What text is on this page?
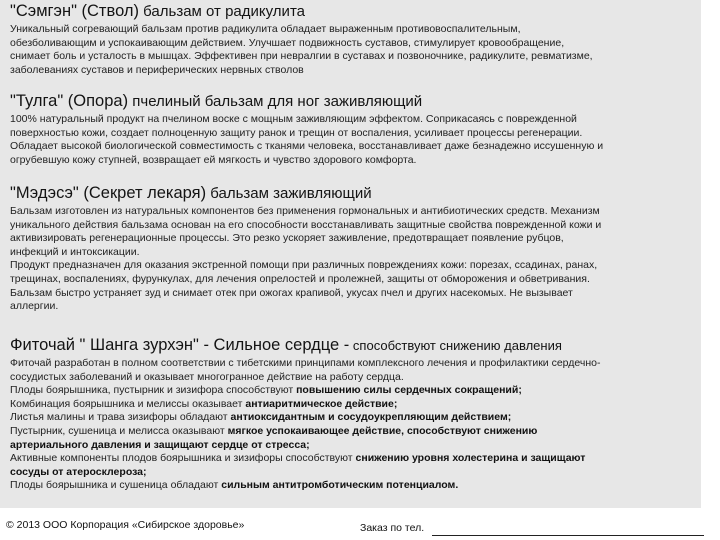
"Сэмгэн" (Ствол) бальзам от радикулита

Уникальный согревающий бальзам против радикулита обладает выраженным противовоспалительным,

обезболивающим и успокаивающим действием. Улучшает подвижность суставов, стимулирует кровообращение,

снимает боль и усталость в мышцах. Эффективен при невралгии в суставах и позвоночнике, радикулите, ревматизме,

заболеваниях суставов и периферических нервных стволов

"Тулга" (Опора) пчелиный бальзам для ног заживляющий

100% натуральный продукт на пчелином воске с мощным заживляющим эффектом. Соприкасаясь с поврежденной

поверхностью кожи, создает полноценную защиту ранок и трещин от воспаления, усиливает процессы регенерации.

Обладает высокой биологической совместимость с тканями человека, восстанавливает даже безнадежно иссушенную и

огрубевшую кожу ступней, возвращает ей мягкость и чувство здорового комфорта.

"Мэдэсэ" (Секрет лекаря) бальзам заживляющий

Бальзам изготовлен из натуральных компонентов без применения гормональных и антибиотических средств. Механизм

уникального действия бальзама основан на его способности восстанавливать защитные свойства поврежденной кожи и

активизировать регенерационные процессы. Это резко ускоряет заживление, предотвращает появление рубцов,

инфекций и интоксикации.

Продукт предназначен для оказания экстренной помощи при различных повреждениях кожи: порезах, ссадинах, ранах,

трещинах, воспалениях, фурункулах, для лечения опрелостей и пролежней, защиты от обморожения и обветривания.

Бальзам быстро устраняет зуд и снимает отек при ожогах крапивой, укусах пчел и других насекомых. Не вызывает

аллергии.

Фиточай " Шанга зурхэн" - Сильное сердце - способствуют снижению давления

Фиточай разработан в полном соответствии с тибетскими принципами комплексного лечения и профилактики сердечно-

сосудистых заболеваний и оказывает многогранное действие на работу сердца.

Плоды боярышника, пустырник и зизифора способствуют повышению силы сердечных сокращений;

Комбинация боярышника и мелиссы оказывает антиаритмическое действие;

Листья малины и трава зизифоры обладают антиоксидантным и сосудоукрепляющим действием;

Пустырник, сушеница и мелисса оказывают мягкое успокаивающее действие, способствуют снижению

артериального давления и защищают сердце от стресса;

Активные компоненты плодов боярышника и зизифоры способствуют снижению уровня холестерина и защищают

сосуды от атеросклероза;

Плоды боярышника и сушеница обладают сильным антитромботическим потенциалом.

© 2013 ООО Корпорация «Сибирское здоровье»	Заказ по тел.
